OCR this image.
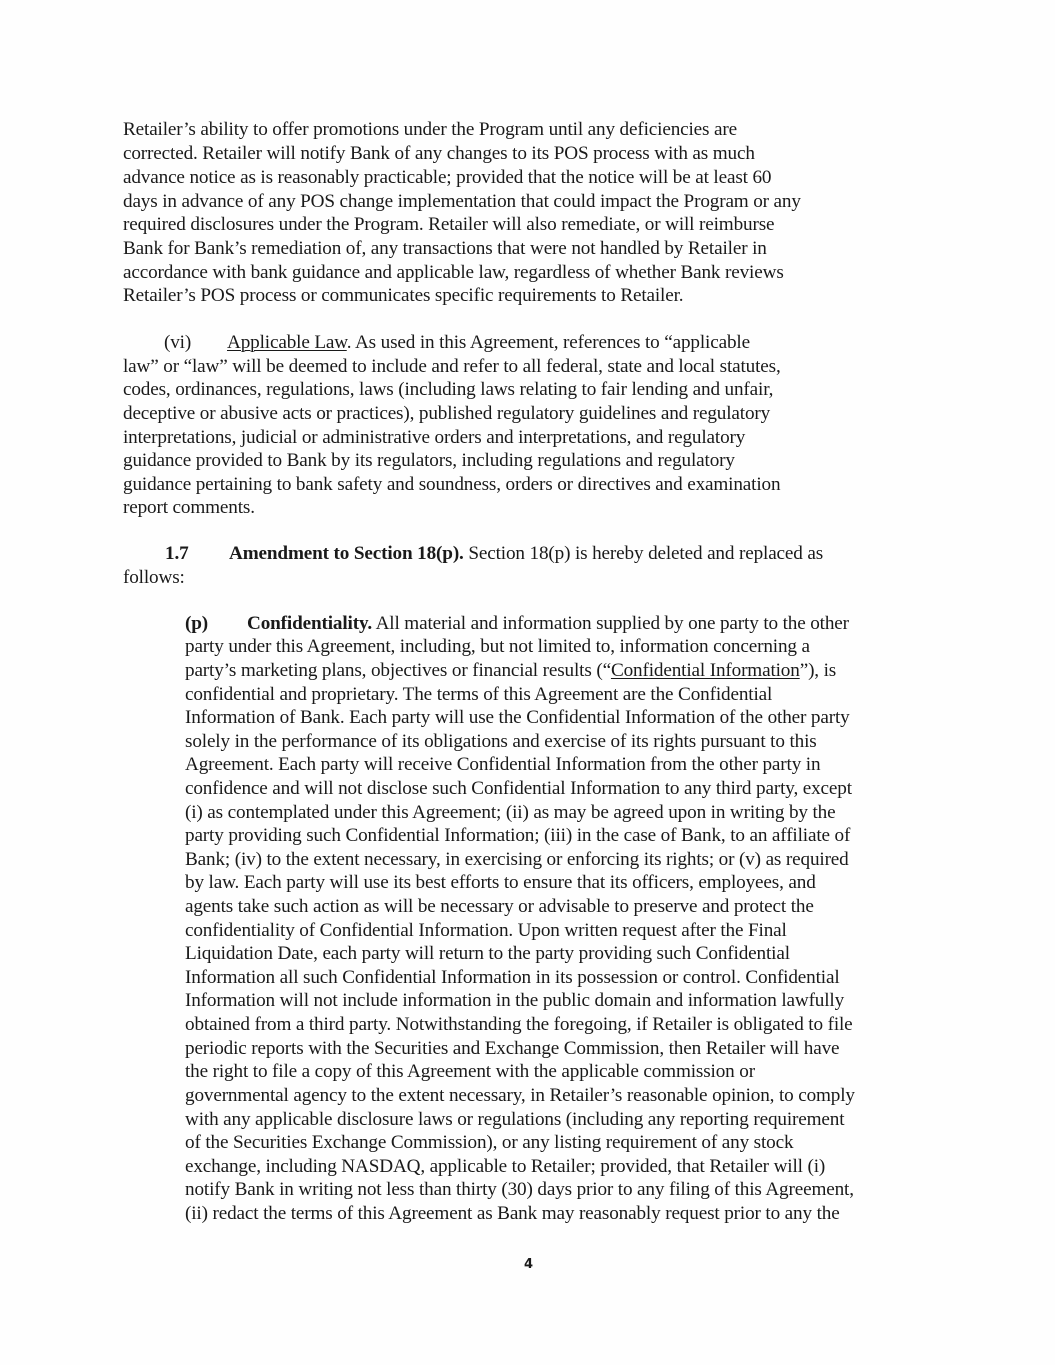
Retailer’s ability to offer promotions under the Program until any deficiencies are
corrected. Retailer will notify Bank of any changes to its POS process with as much
advance notice as is reasonably practicable; provided that the notice will be at least 60
days in advance of any POS change implementation that could impact the Program or any
required disclosures under the Program. Retailer will also remediate, or will reimburse
Bank for Bank’s remediation of, any transactions that were not handled by Retailer in
accordance with bank guidance and applicable law, regardless of whether Bank reviews
Retailer’s POS process or communicates specific requirements to Retailer.
(vi) Applicable Law. As used in this Agreement, references to “applicable
law” or “law” will be deemed to include and refer to all federal, state and local statutes,
codes, ordinances, regulations, laws (including laws relating to fair lending and unfair,
deceptive or abusive acts or practices), published regulatory guidelines and regulatory
interpretations, judicial or administrative orders and interpretations, and regulatory
guidance provided to Bank by its regulators, including regulations and regulatory
guidance pertaining to bank safety and soundness, orders or directives and examination
report comments.
1.7 Amendment to Section 18(p). Section 18(p) is hereby deleted and replaced as
follows:
(p) Confidentiality. All material and information supplied by one party to the other
party under this Agreement, including, but not limited to, information concerning a
party’s marketing plans, objectives or financial results (“Confidential Information”), is
confidential and proprietary. The terms of this Agreement are the Confidential
Information of Bank. Each party will use the Confidential Information of the other party
solely in the performance of its obligations and exercise of its rights pursuant to this
Agreement. Each party will receive Confidential Information from the other party in
confidence and will not disclose such Confidential Information to any third party, except
(i) as contemplated under this Agreement; (ii) as may be agreed upon in writing by the
party providing such Confidential Information; (iii) in the case of Bank, to an affiliate of
Bank; (iv) to the extent necessary, in exercising or enforcing its rights; or (v) as required
by law. Each party will use its best efforts to ensure that its officers, employees, and
agents take such action as will be necessary or advisable to preserve and protect the
confidentiality of Confidential Information. Upon written request after the Final
Liquidation Date, each party will return to the party providing such Confidential
Information all such Confidential Information in its possession or control. Confidential
Information will not include information in the public domain and information lawfully
obtained from a third party. Notwithstanding the foregoing, if Retailer is obligated to file
periodic reports with the Securities and Exchange Commission, then Retailer will have
the right to file a copy of this Agreement with the applicable commission or
governmental agency to the extent necessary, in Retailer’s reasonable opinion, to comply
with any applicable disclosure laws or regulations (including any reporting requirement
of the Securities Exchange Commission), or any listing requirement of any stock
exchange, including NASDAQ, applicable to Retailer; provided, that Retailer will (i)
notify Bank in writing not less than thirty (30) days prior to any filing of this Agreement,
(ii) redact the terms of this Agreement as Bank may reasonably request prior to any the
4
